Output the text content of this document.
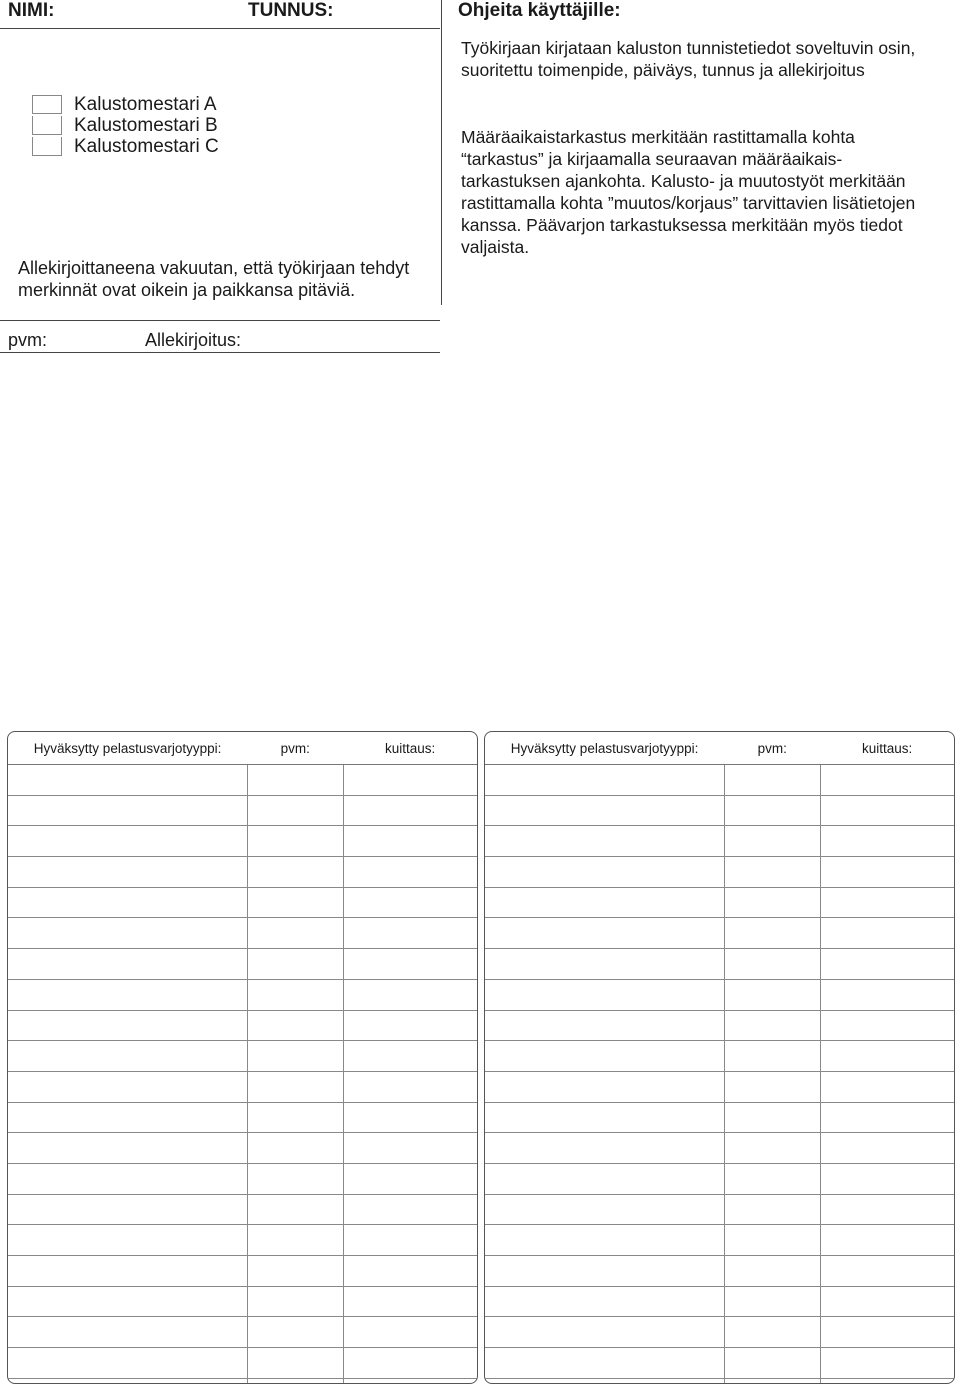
NIMI:	TUNNUS:	Ohjeita käyttäjille:
Kalustomestari A
Kalustomestari B
Kalustomestari C
Allekirjoittaneena vakuutan, että työkirjaan tehdyt merkinnät ovat oikein ja paikkansa pitäviä.
Työkirjaan kirjataan kaluston tunnistetiedot soveltuvin osin, suoritettu toimenpide, päiväys, tunnus ja allekirjoitus
Määräaikaistarkastus merkitään rastittamalla kohta “tarkastus” ja kirjaamalla seuraavan määräaikais-tarkastuksen ajankohta. Kalusto- ja muutostyöt merkitään rastittamalla kohta ”muutos/korjaus” tarvittavien lisätietojen kanssa. Päävarjon tarkastuksessa merkitään myös tiedot valjaista.
pvm:	Allekirjoitus:
Hyväksytty pelastusvarjotyyppi:	pvm:	kuittaus:

			Hyväksytty pelastusvarjotyyppi:	pvm:	kuittaus:
